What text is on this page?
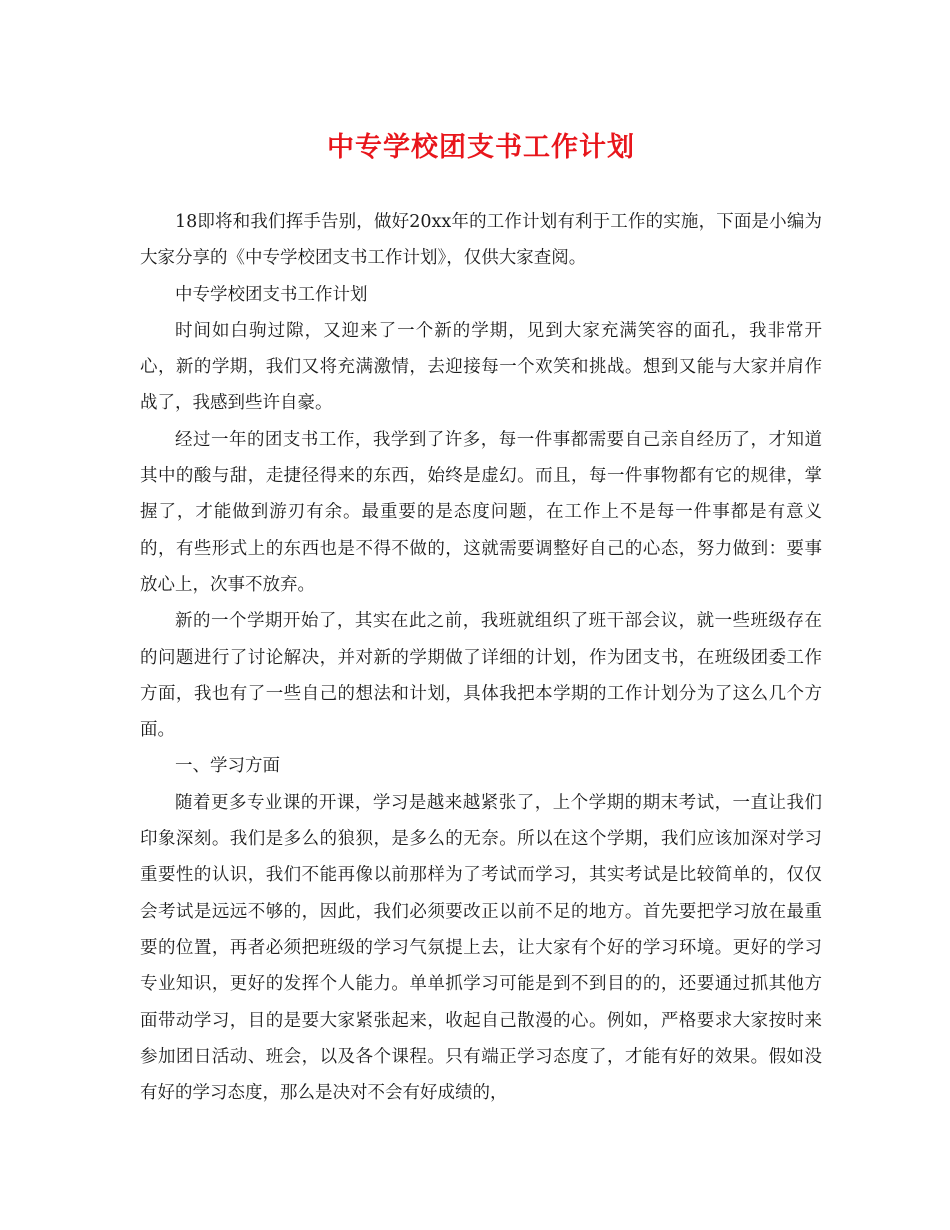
中专学校团支书工作计划

18即将和我们挥手告别，做好20xx年的工作计划有利于工作的实施，下面是小编为大家分享的《中专学校团支书工作计划》，仅供大家查阅。

中专学校团支书工作计划

时间如白驹过隙，又迎来了一个新的学期，见到大家充满笑容的面孔，我非常开心，新的学期，我们又将充满激情，去迎接每一个欢笑和挑战。想到又能与大家并肩作战了，我感到些许自豪。

经过一年的团支书工作，我学到了许多，每一件事都需要自己亲自经历了，才知道其中的酸与甜，走捷径得来的东西，始终是虚幻。而且，每一件事物都有它的规律，掌握了，才能做到游刃有余。最重要的是态度问题，在工作上不是每一件事都是有意义的，有些形式上的东西也是不得不做的，这就需要调整好自己的心态，努力做到：要事放心上，次事不放弃。

新的一个学期开始了，其实在此之前，我班就组织了班干部会议，就一些班级存在的问题进行了讨论解决，并对新的学期做了详细的计划，作为团支书，在班级团委工作方面，我也有了一些自己的想法和计划，具体我把本学期的工作计划分为了这么几个方面。

一、学习方面

随着更多专业课的开课，学习是越来越紧张了，上个学期的期末考试，一直让我们印象深刻。我们是多么的狼狈，是多么的无奈。所以在这个学期，我们应该加深对学习重要性的认识，我们不能再像以前那样为了考试而学习，其实考试是比较简单的，仅仅会考试是远远不够的，因此，我们必须要改正以前不足的地方。首先要把学习放在最重要的位置，再者必须把班级的学习气氛提上去，让大家有个好的学习环境。更好的学习专业知识，更好的发挥个人能力。单单抓学习可能是到不到目的的，还要通过抓其他方面带动学习，目的是要大家紧张起来，收起自己散漫的心。例如，严格要求大家按时来参加团日活动、班会，以及各个课程。只有端正学习态度了，才能有好的效果。假如没有好的学习态度，那么是决对不会有好成绩的，
